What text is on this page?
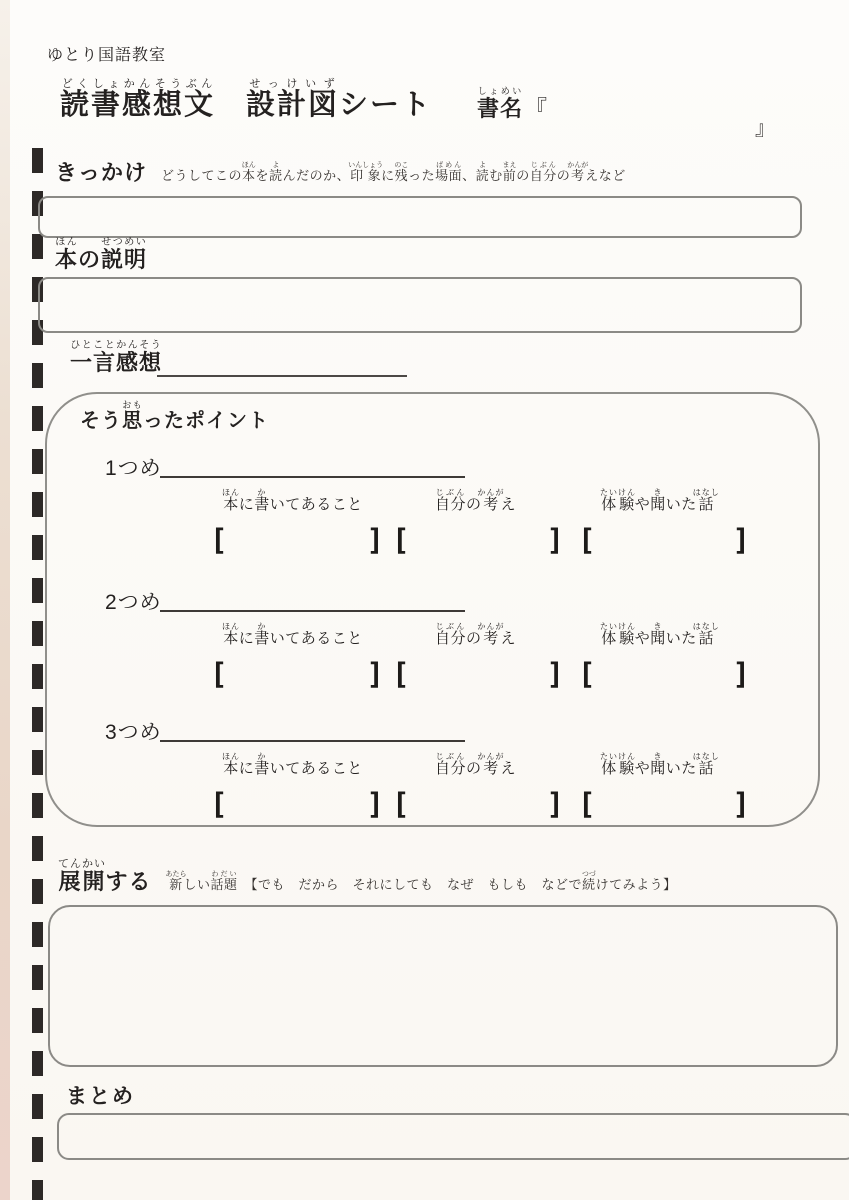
ゆとり国語教室
読書感想文どくしょかんそうぶん　設計図せっけいずシート 書名しょめい
『
』
きっかけ どうしてこの本ほんを読よんだのか、印象いんしょうに残のこった場面ばめん、読よむ前まえの自分じぶんの考かんがえなど
本ほんの説明せつめい
一言感想ひとことかんそう
そう思おもったポイント
1つめ
本ほんに書かいてあること	自分じぶんの考かんがえ	体験たいけんや聞きいた話はなし
[	] [	] [	]
2つめ
本ほんに書かいてあること	自分じぶんの考かんがえ	体験たいけんや聞きいた話はなし
[	] [	] [	]
3つめ
本ほんに書かいてあること	自分じぶんの考かんがえ	体験たいけんや聞きいた話はなし
[	] [	] [	]
展開てんかいする 新あたらしい話題わだい　【でも　だから　それにしても　なぜ　もしも　などで続つづけてみよう】
まとめ
